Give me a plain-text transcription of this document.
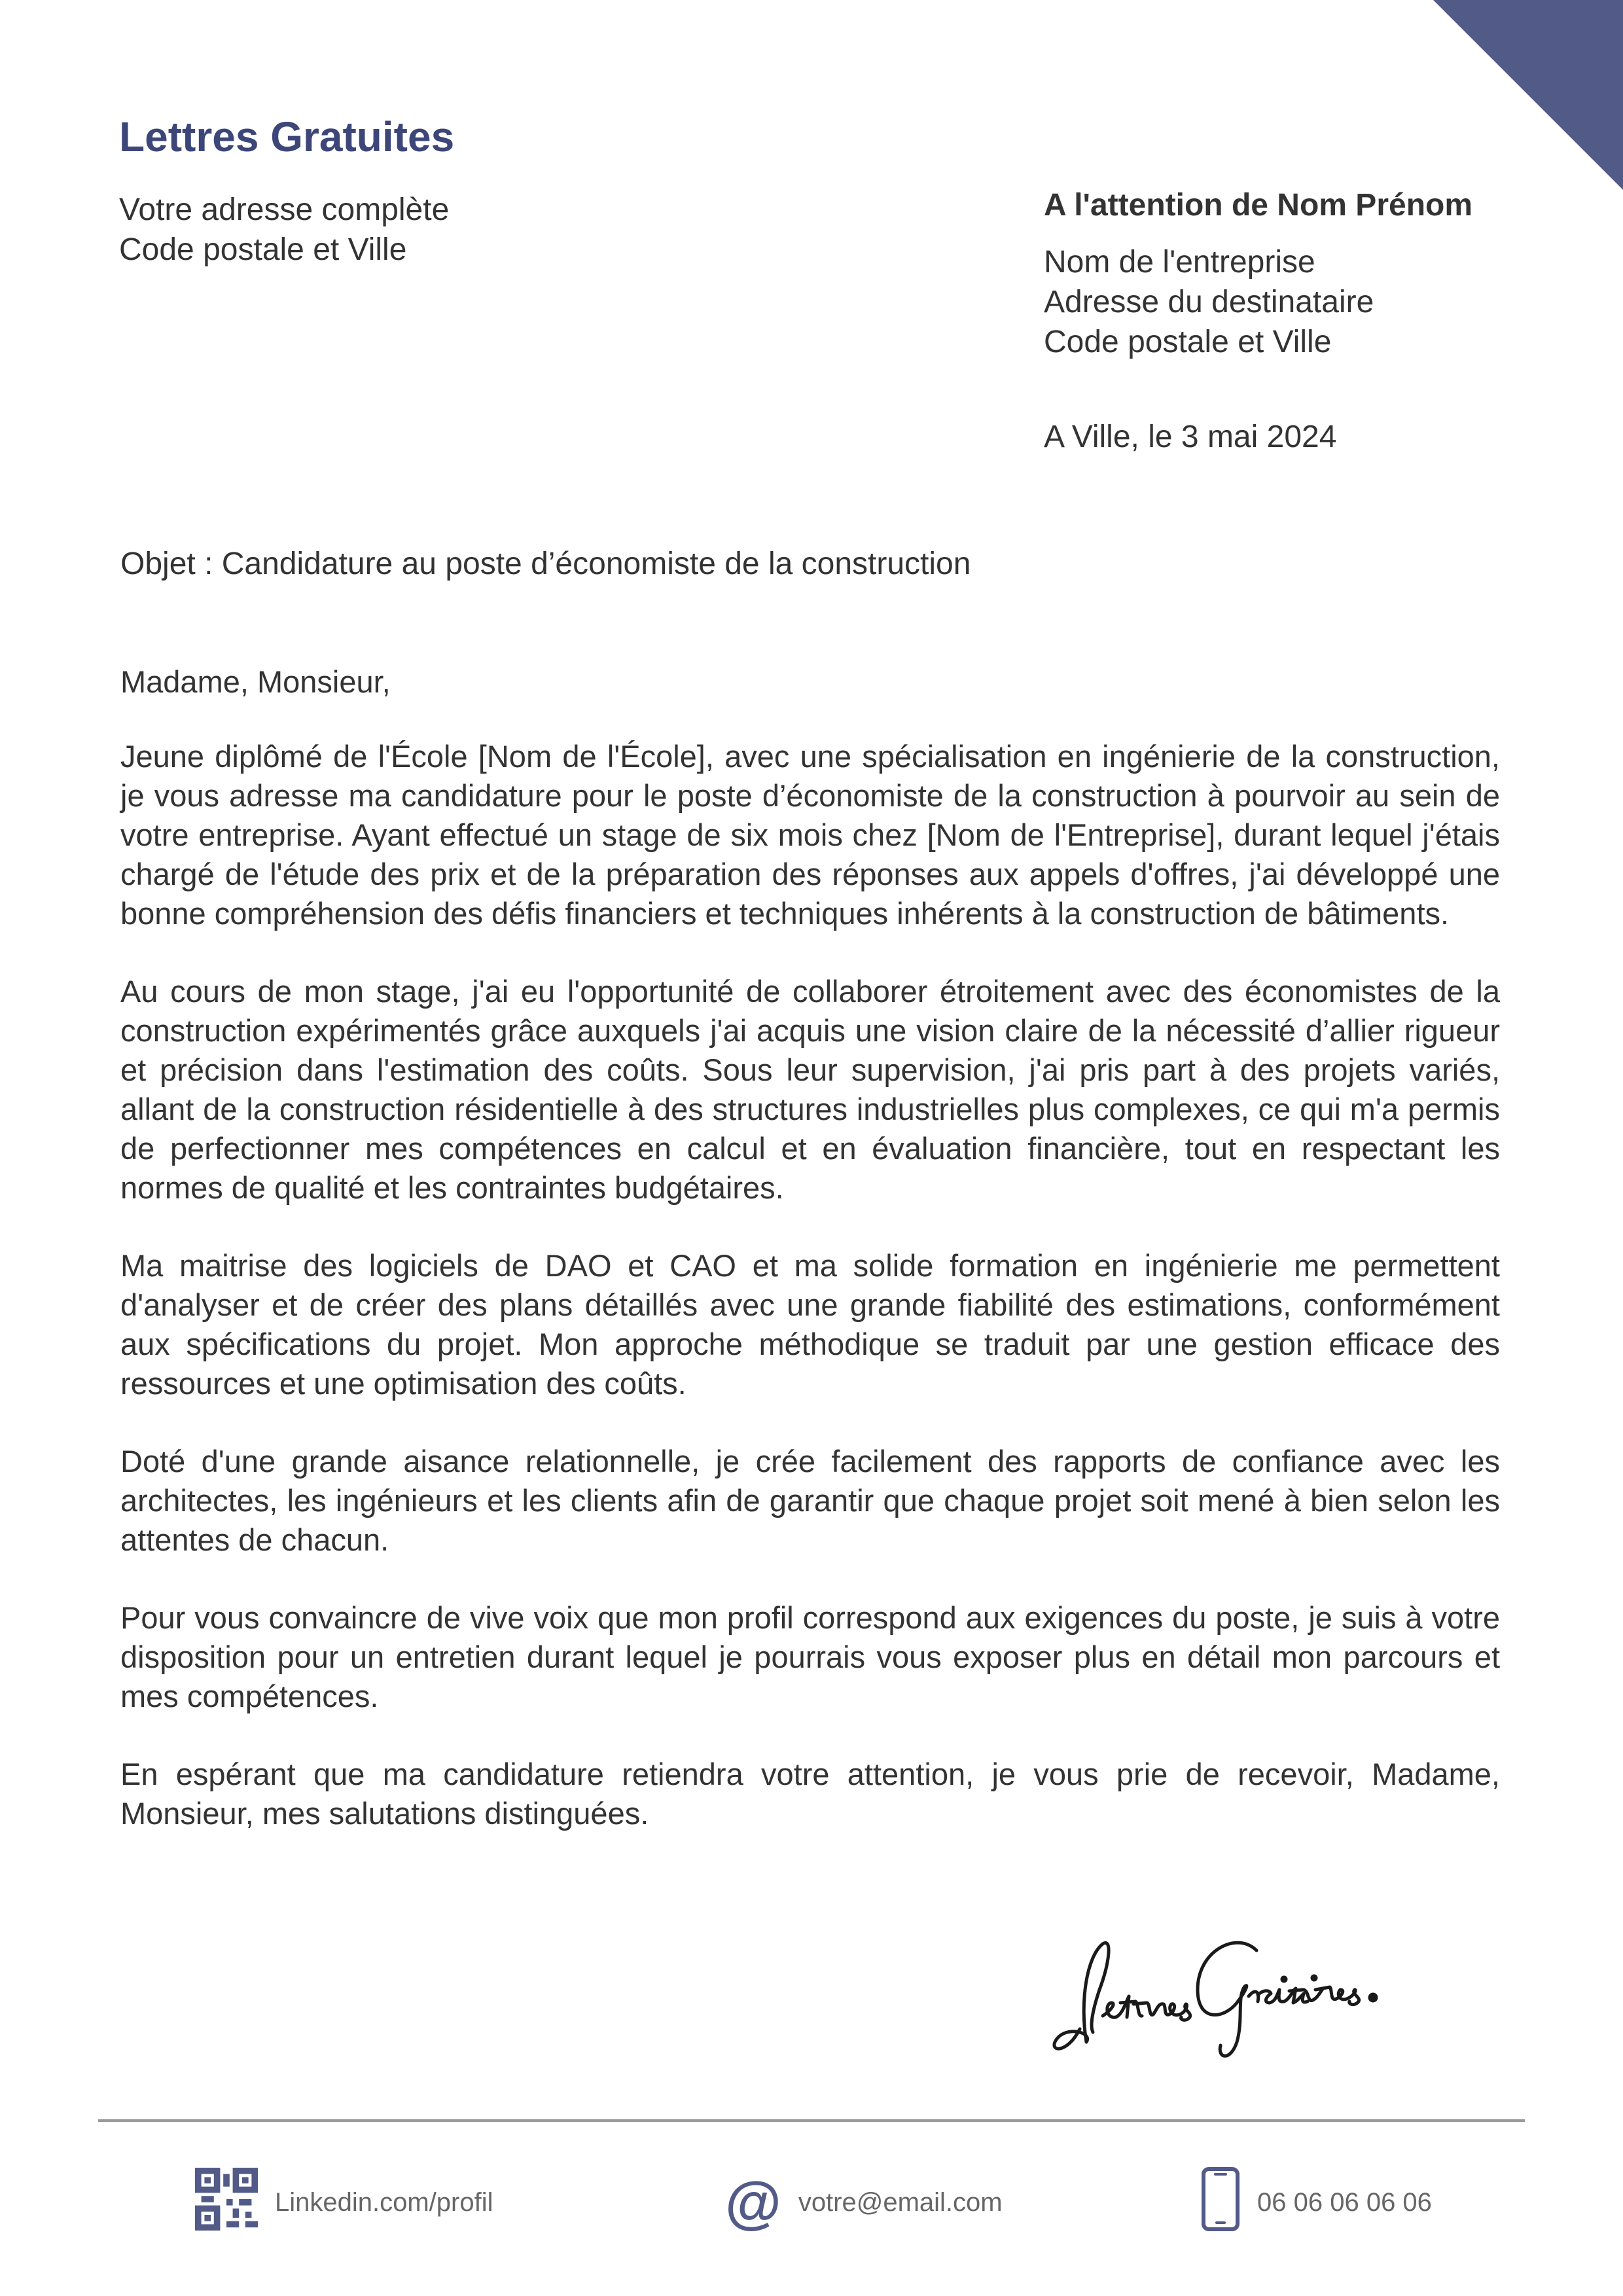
Lettres Gratuites
Votre adresse complète
Code postale et Ville
A l'attention de Nom Prénom
Nom de l'entreprise
Adresse du destinataire
Code postale et Ville
A Ville, le 3 mai 2024
Objet : Candidature au poste d’économiste de la construction

Madame, Monsieur,

Jeune diplômé de l'École [Nom de l'École], avec une spécialisation en ingénierie de la construction, je vous adresse ma candidature pour le poste d’économiste de la construction à pourvoir au sein de votre entreprise. Ayant effectué un stage de six mois chez [Nom de l'Entreprise], durant lequel j'étais chargé de l'étude des prix et de la préparation des réponses aux appels d'offres, j'ai développé une bonne compréhension des défis financiers et techniques inhérents à la construction de bâtiments.

Au cours de mon stage, j'ai eu l'opportunité de collaborer étroitement avec des économistes de la construction expérimentés grâce auxquels j'ai acquis une vision claire de la nécessité d’allier rigueur et précision dans l'estimation des coûts. Sous leur supervision, j'ai pris part à des projets variés, allant de la construction résidentielle à des structures industrielles plus complexes, ce qui m'a permis de perfectionner mes compétences en calcul et en évaluation financière, tout en respectant les normes de qualité et les contraintes budgétaires.

Ma maitrise des logiciels de DAO et CAO et ma solide formation en ingénierie me permettent d'analyser et de créer des plans détaillés avec une grande fiabilité des estimations, conformément aux spécifications du projet. Mon approche méthodique se traduit par une gestion efficace des ressources et une optimisation des coûts.

Doté d'une grande aisance relationnelle, je crée facilement des rapports de confiance avec les architectes, les ingénieurs et les clients afin de garantir que chaque projet soit mené à bien selon les attentes de chacun.

Pour vous convaincre de vive voix que mon profil correspond aux exigences du poste, je suis à votre disposition pour un entretien durant lequel je pourrais vous exposer plus en détail mon parcours et mes compétences.

En espérant que ma candidature retiendra votre attention, je vous prie de recevoir, Madame, Monsieur, mes salutations distinguées.

Linkedin.com/profil	@ votre@email.com	06 06 06 06 06
